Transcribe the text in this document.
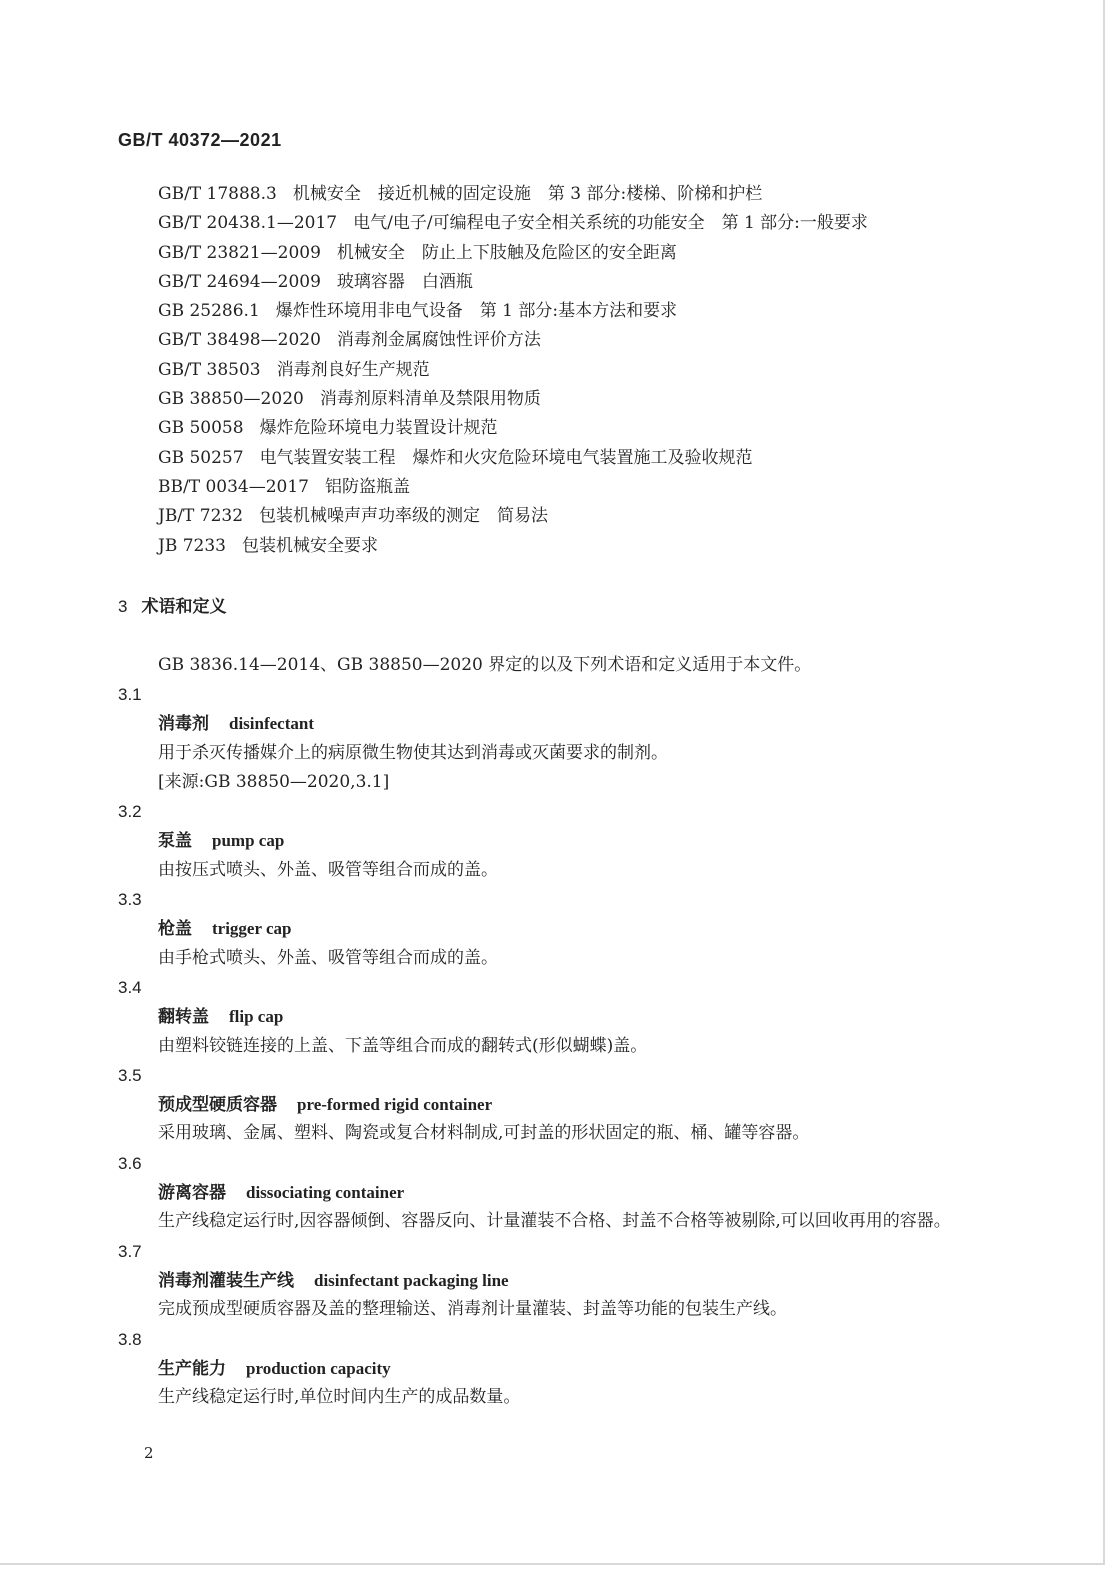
GB/T 40372—2021
GB/T 17888.3 机械安全　接近机械的固定设施　第 3 部分:楼梯、阶梯和护栏
GB/T 20438.1—2017 电气/电子/可编程电子安全相关系统的功能安全　第 1 部分:一般要求
GB/T 23821—2009 机械安全　防止上下肢触及危险区的安全距离
GB/T 24694—2009 玻璃容器　白酒瓶
GB 25286.1 爆炸性环境用非电气设备　第 1 部分:基本方法和要求
GB/T 38498—2020 消毒剂金属腐蚀性评价方法
GB/T 38503 消毒剂良好生产规范
GB 38850—2020 消毒剂原料清单及禁限用物质
GB 50058 爆炸危险环境电力装置设计规范
GB 50257 电气装置安装工程　爆炸和火灾危险环境电气装置施工及验收规范
BB/T 0034—2017 铝防盗瓶盖
JB/T 7232 包装机械噪声声功率级的测定　简易法
JB 7233 包装机械安全要求
3 术语和定义
GB 3836.14—2014、GB 38850—2020 界定的以及下列术语和定义适用于本文件。
3.1
消毒剂 disinfectant
用于杀灭传播媒介上的病原微生物使其达到消毒或灭菌要求的制剂。
[来源:GB 38850—2020,3.1]
3.2
泵盖 pump cap
由按压式喷头、外盖、吸管等组合而成的盖。
3.3
枪盖 trigger cap
由手枪式喷头、外盖、吸管等组合而成的盖。
3.4
翻转盖 flip cap
由塑料铰链连接的上盖、下盖等组合而成的翻转式(形似蝴蝶)盖。
3.5
预成型硬质容器 pre-formed rigid container
采用玻璃、金属、塑料、陶瓷或复合材料制成,可封盖的形状固定的瓶、桶、罐等容器。
3.6
游离容器 dissociating container
生产线稳定运行时,因容器倾倒、容器反向、计量灌装不合格、封盖不合格等被剔除,可以回收再用的容器。
3.7
消毒剂灌装生产线 disinfectant packaging line
完成预成型硬质容器及盖的整理输送、消毒剂计量灌装、封盖等功能的包装生产线。
3.8
生产能力 production capacity
生产线稳定运行时,单位时间内生产的成品数量。
2
